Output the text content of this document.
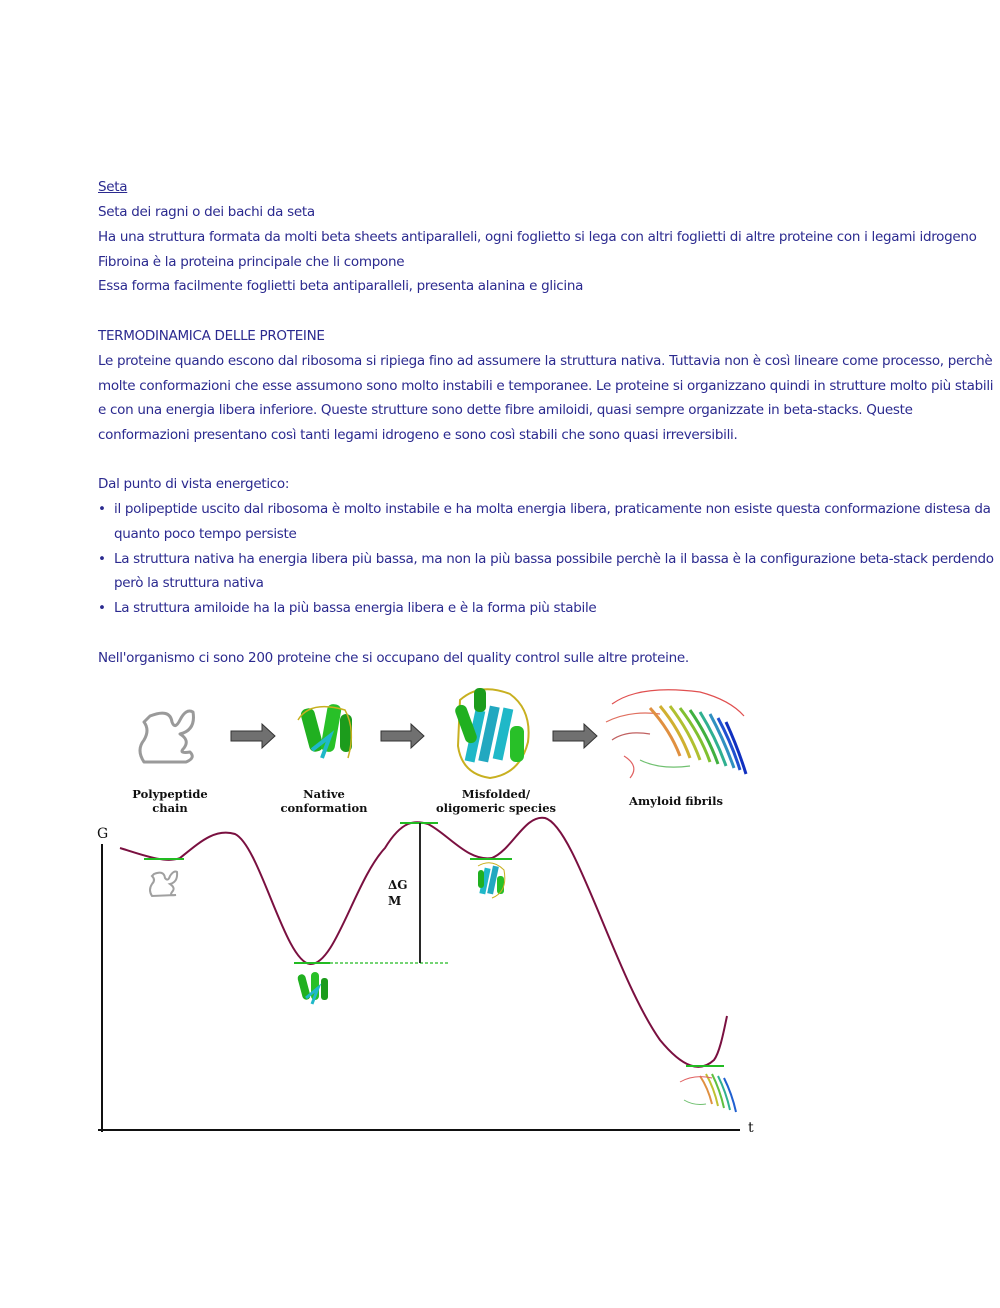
Seta
Seta dei ragni o dei bachi da seta
Ha una struttura formata da molti beta sheets antiparalleli, ogni foglietto si lega con altri foglietti di altre proteine con i legami idrogeno
Fibroina è la proteina principale che li compone
Essa forma facilmente foglietti beta antiparalleli, presenta alanina e glicina
TERMODINAMICA DELLE PROTEINE
Le proteine quando escono dal ribosoma si ripiega fino ad assumere la struttura nativa. Tuttavia non è così lineare come processo, perchè
molte conformazioni che esse assumono sono molto instabili e temporanee. Le proteine si organizzano quindi in strutture molto più stabili
e con una energia libera inferiore. Queste strutture sono dette fibre amiloidi, quasi sempre organizzate in beta-stacks. Queste
conformazioni presentano così tanti legami idrogeno e sono così stabili che sono quasi irreversibili.
Dal punto di vista energetico:
• il polipeptide uscito dal ribosoma è molto instabile e ha molta energia libera, praticamente non esiste questa conformazione distesa da
quanto poco tempo persiste
• La struttura nativa ha energia libera più bassa, ma non la più bassa possibile perchè la il bassa è la configurazione beta-stack perdendo
però la struttura nativa
• La struttura amiloide ha la più bassa energia libera e è la forma più stabile
Nell'organismo ci sono 200 proteine che si occupano del quality control sulle altre proteine.
Polypeptide
chain
Native
conformation
Misfolded/
oligomeric species	Amyloid fibrils
G
t
ΔG
M
